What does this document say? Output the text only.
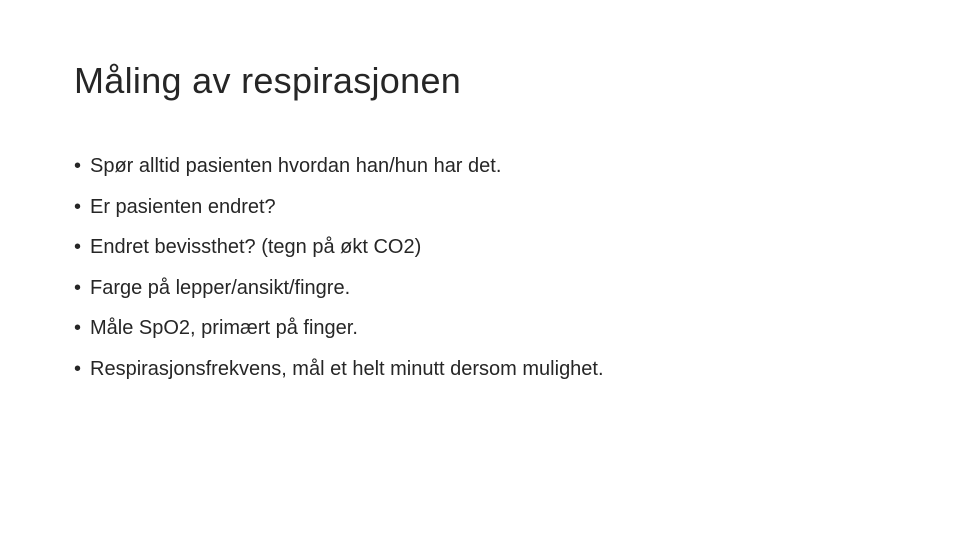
Måling av respirasjonen
• Spør alltid pasienten hvordan han/hun har det.
• Er pasienten endret?
• Endret bevissthet? (tegn på økt CO2)
• Farge på lepper/ansikt/fingre.
• Måle SpO2, primært på finger.
• Respirasjonsfrekvens, mål et helt minutt dersom mulighet.
